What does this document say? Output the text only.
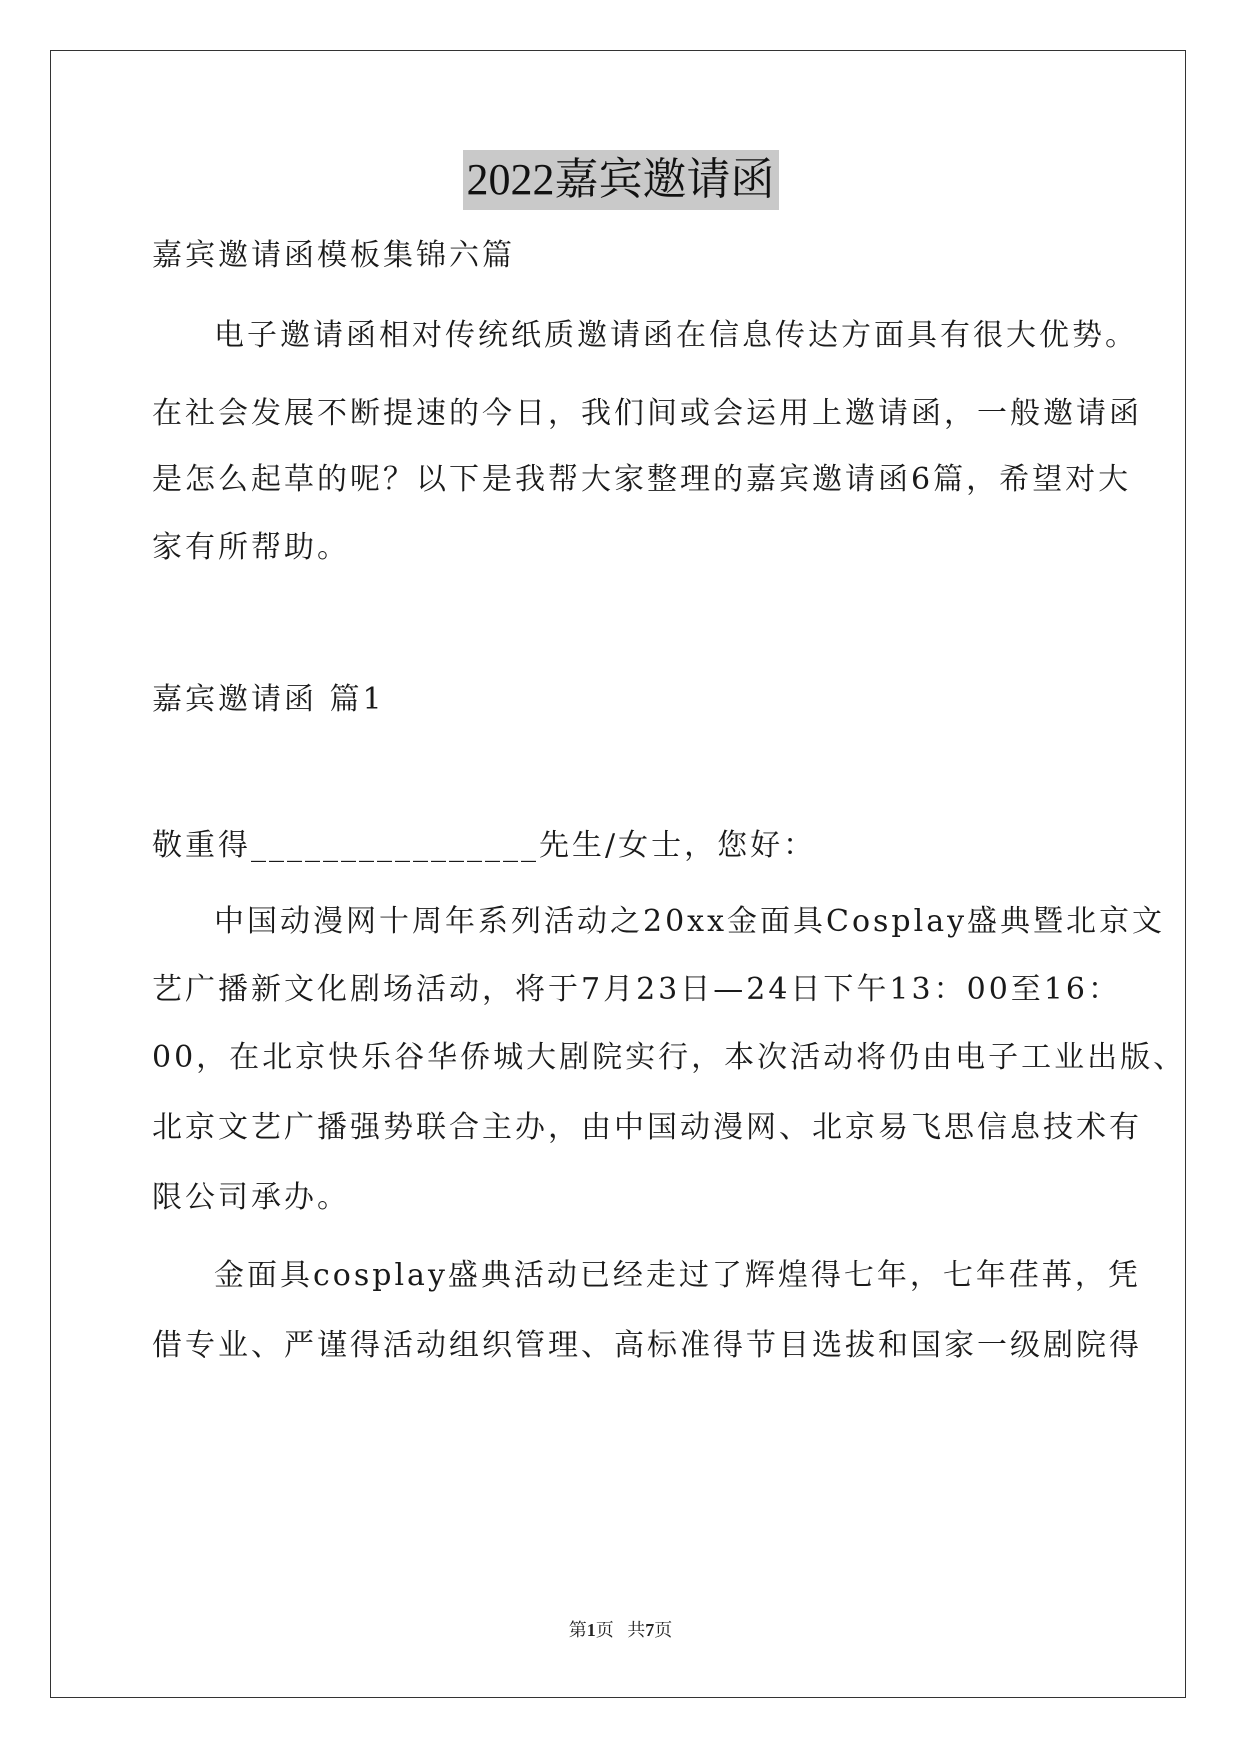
2022嘉宾邀请函
嘉宾邀请函模板集锦六篇
电子邀请函相对传统纸质邀请函在信息传达方面具有很大优势。
在社会发展不断提速的今日，我们间或会运用上邀请函，一般邀请函
是怎么起草的呢？以下是我帮大家整理的嘉宾邀请函6篇，希望对大
家有所帮助。
嘉宾邀请函 篇1
敬重得________________先生/女士，您好：
中国动漫网十周年系列活动之20xx金面具Cosplay盛典暨北京文
艺广播新文化剧场活动，将于7月23日—24日下午13：00至16：
00，在北京快乐谷华侨城大剧院实行，本次活动将仍由电子工业出版、
北京文艺广播强势联合主办，由中国动漫网、北京易飞思信息技术有
限公司承办。
金面具cosplay盛典活动已经走过了辉煌得七年，七年荏苒，凭
借专业、严谨得活动组织管理、高标准得节目选拔和国家一级剧院得
第1页   共7页
